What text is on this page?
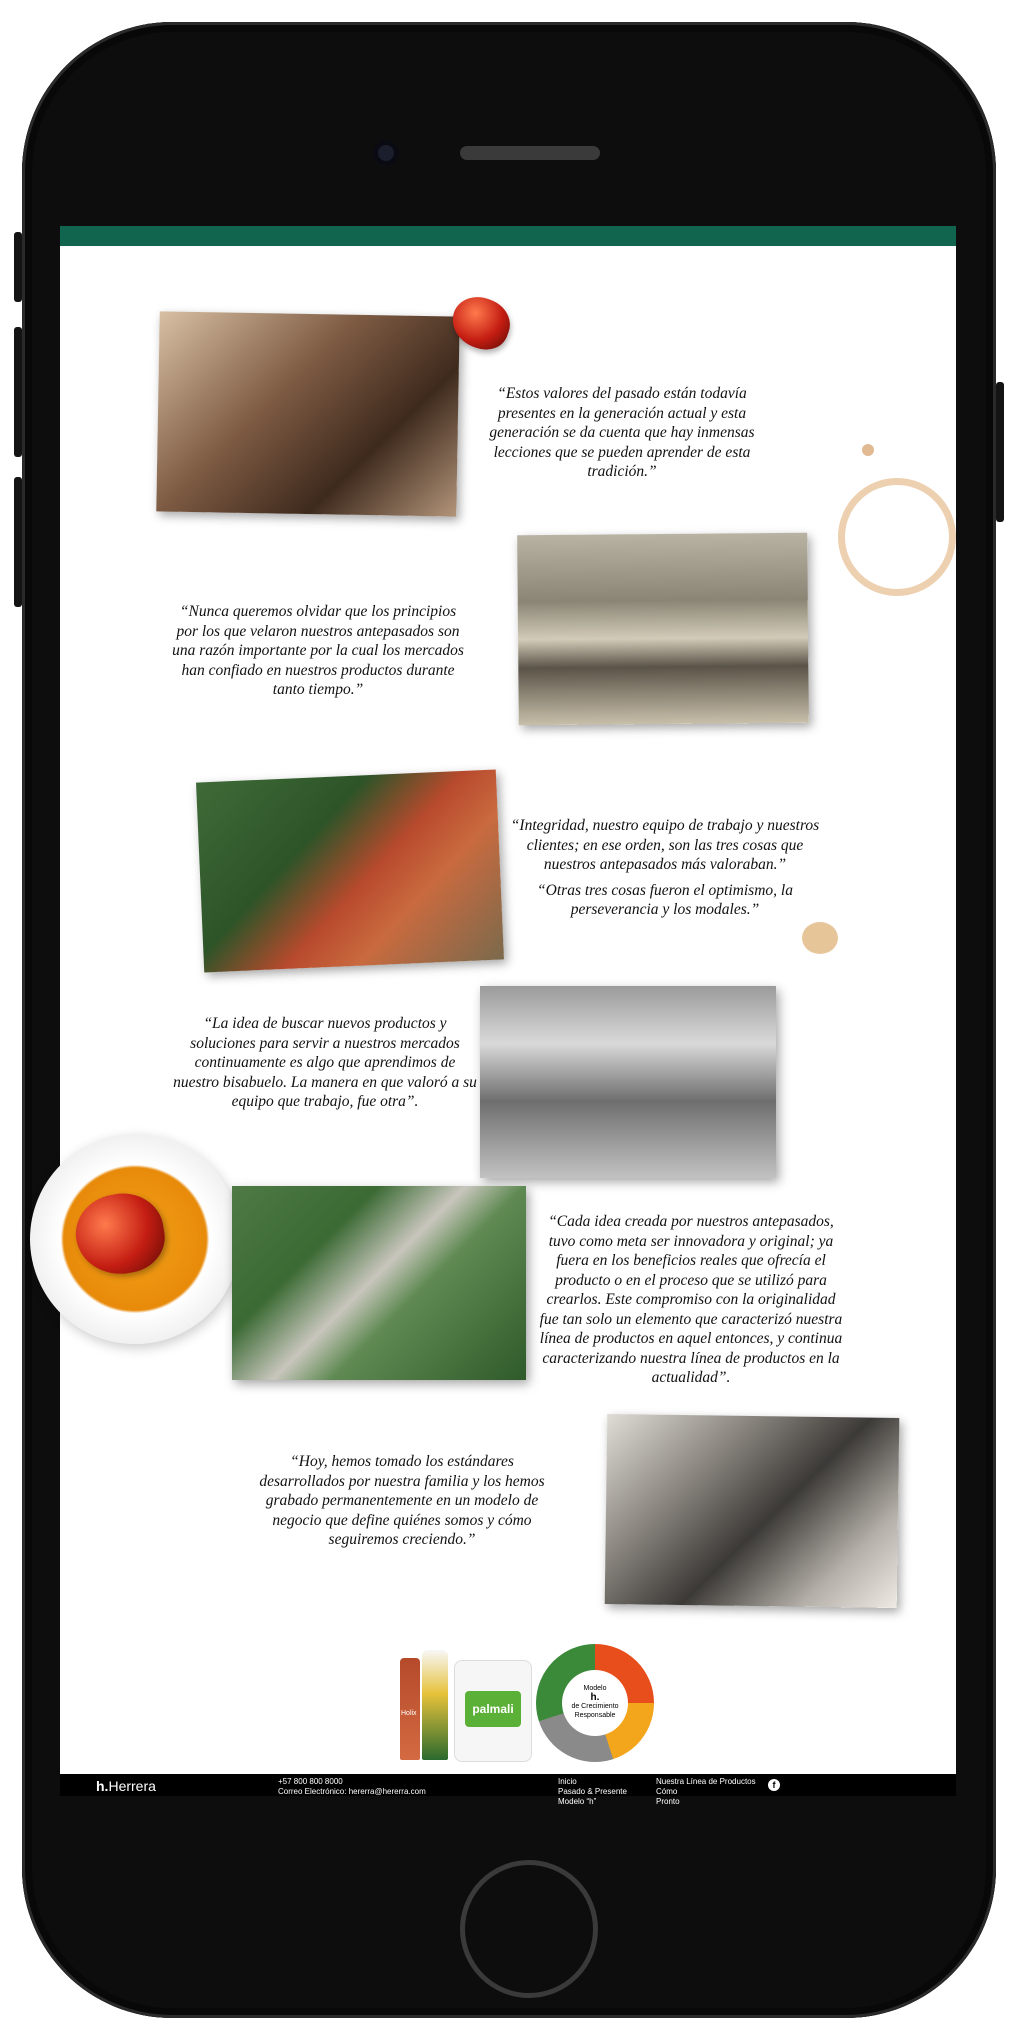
“Estos valores del pasado están todavía presentes en la generación actual y esta generación se da cuenta que hay inmensas lecciones que se pueden aprender de esta tradición.”
“Nunca queremos olvidar que los principios por los que velaron nuestros antepasados son una razón importante por la cual los mercados han confiado en nuestros productos durante tanto tiempo.”

“Integridad, nuestro equipo de trabajo y nuestros clientes; en ese orden, son las tres cosas que nuestros antepasados más valoraban.”

“Otras tres cosas fueron el optimismo, la perseverancia y los modales.”

“La idea de buscar nuevos productos y soluciones para servir a nuestros mercados continuamente es algo que aprendimos de nuestro bisabuelo. La manera en que valoró a su equipo que trabajo, fue otra”.
“Cada idea creada por nuestros antepasados, tuvo como meta ser innovadora y original; ya fuera en los beneficios reales que ofrecía el producto o en el proceso que se utilizó para crearlos. Este compromiso con la originalidad fue tan solo un elemento que caracterizó nuestra línea de productos en aquel entonces, y continua caracterizando nuestra línea de productos en la actualidad”.
“Hoy, hemos tomado los estándares desarrollados por nuestra familia y los hemos grabado permanentemente en un modelo de negocio que define quiénes somos y cómo seguiremos creciendo.”
Holix	palmali
Modelo
h.
de Crecimiento
Responsable
h.Herrera	+57 800 800 8000
Correo Electrónico: hererra@hererra.com
Inicio
Pasado & Presente
Modelo “h”
Nuestra Línea de Productos
Cómo
Pronto
f
